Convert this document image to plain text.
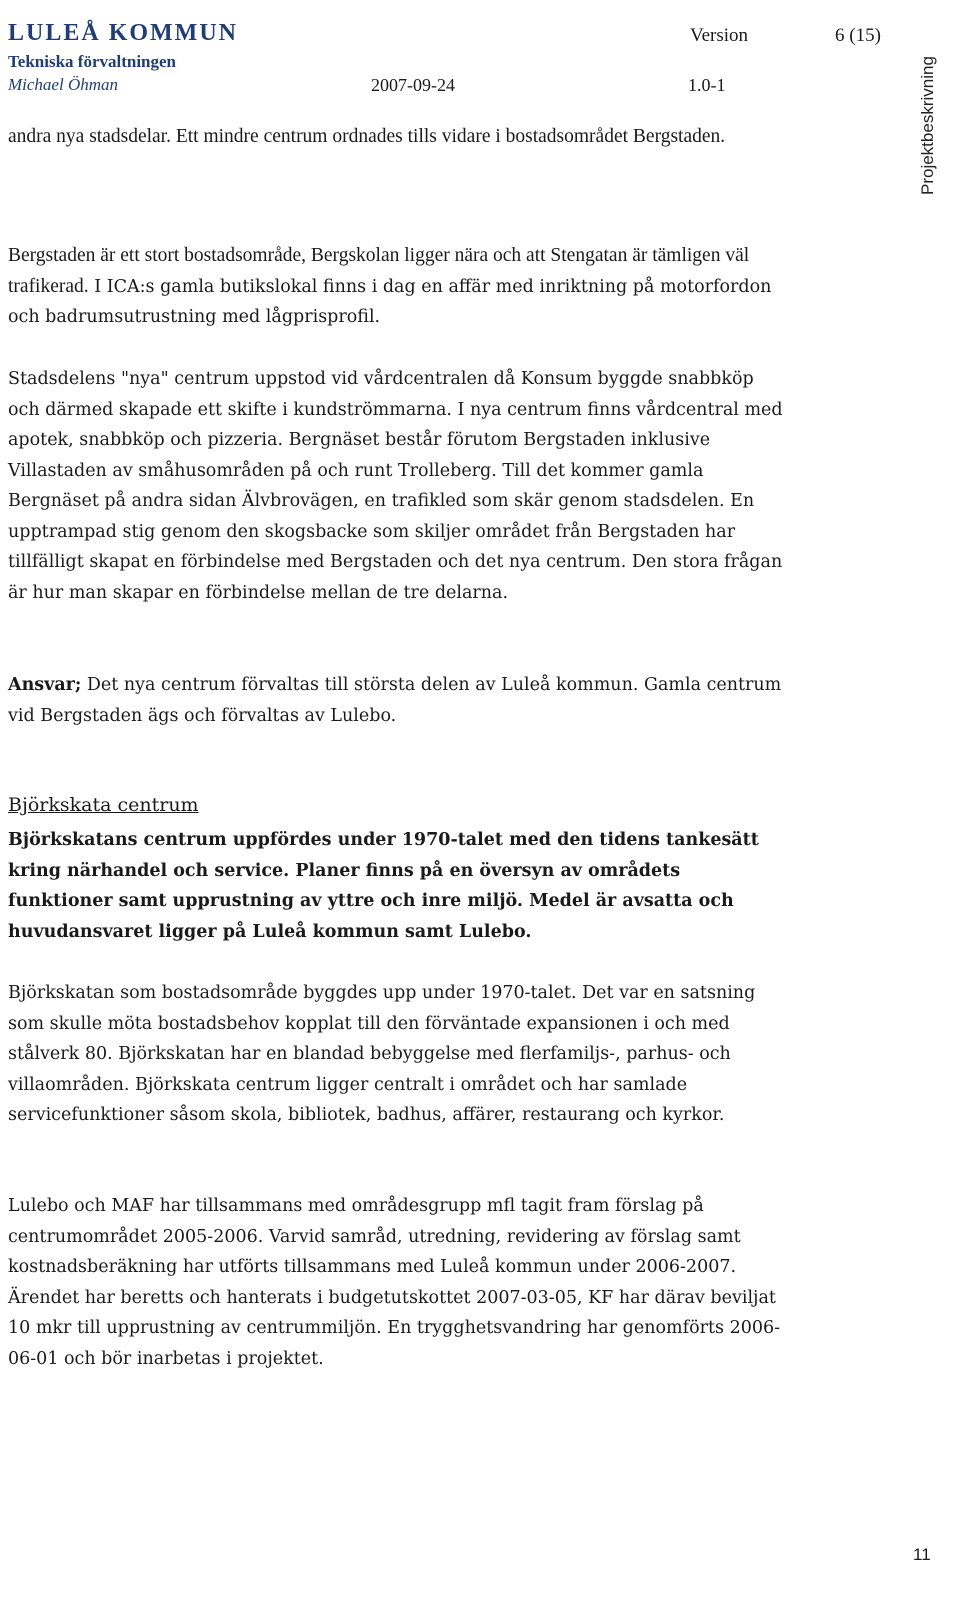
LULEÅ KOMMUN
Tekniska förvaltningen
Michael Öhman	2007-09-24
Version
1.0-1
6 (15)
Projektbeskrivning

andra nya stadsdelar. Ett mindre centrum ordnades tills vidare i bostadsområdet Bergstaden.

Bergstaden är ett stort bostadsområde, Bergskolan ligger nära och att Stengatan är tämligen väl trafikerad. I ICA:s gamla butikslokal finns i dag en affär med inriktning på motorfordon och badrumsutrustning med lågprisprofil.

Stadsdelens "nya" centrum uppstod vid vårdcentralen då Konsum byggde snabbköp och därmed skapade ett skifte i kundströmmarna. I nya centrum finns vårdcentral med apotek, snabbköp och pizzeria. Bergnäset består förutom Bergstaden inklusive Villastaden av småhusområden på och runt Trolleberg. Till det kommer gamla Bergnäset på andra sidan Älvbrovägen, en trafikled som skär genom stadsdelen. En upptrampad stig genom den skogsbacke som skiljer området från Bergstaden har tillfälligt skapat en förbindelse med Bergstaden och det nya centrum. Den stora frågan är hur man skapar en förbindelse mellan de tre delarna.

Ansvar; Det nya centrum förvaltas till största delen av Luleå kommun. Gamla centrum vid Bergstaden ägs och förvaltas av Lulebo.

Björkskata centrum

Björkskatans centrum uppfördes under 1970-talet med den tidens tankesätt kring närhandel och service. Planer finns på en översyn av områdets funktioner samt upprustning av yttre och inre miljö. Medel är avsatta och huvudansvaret ligger på Luleå kommun samt Lulebo.

Björkskatan som bostadsområde byggdes upp under 1970-talet. Det var en satsning som skulle möta bostadsbehov kopplat till den förväntade expansionen i och med stålverk 80. Björkskatan har en blandad bebyggelse med flerfamiljs-, parhus- och villaområden. Björkskata centrum ligger centralt i området och har samlade servicefunktioner såsom skola, bibliotek, badhus, affärer, restaurang och kyrkor.

Lulebo och MAF har tillsammans med områdesgrupp mfl tagit fram förslag på centrumområdet 2005-2006. Varvid samråd, utredning, revidering av förslag samt kostnadsberäkning har utförts tillsammans med Luleå kommun under 2006-2007. Ärendet har beretts och hanterats i budgetutskottet 2007-03-05, KF har därav beviljat 10 mkr till upprustning av centrummiljön. En trygghetsvandring har genomförts 2006-06-01 och bör inarbetas i projektet.

11
